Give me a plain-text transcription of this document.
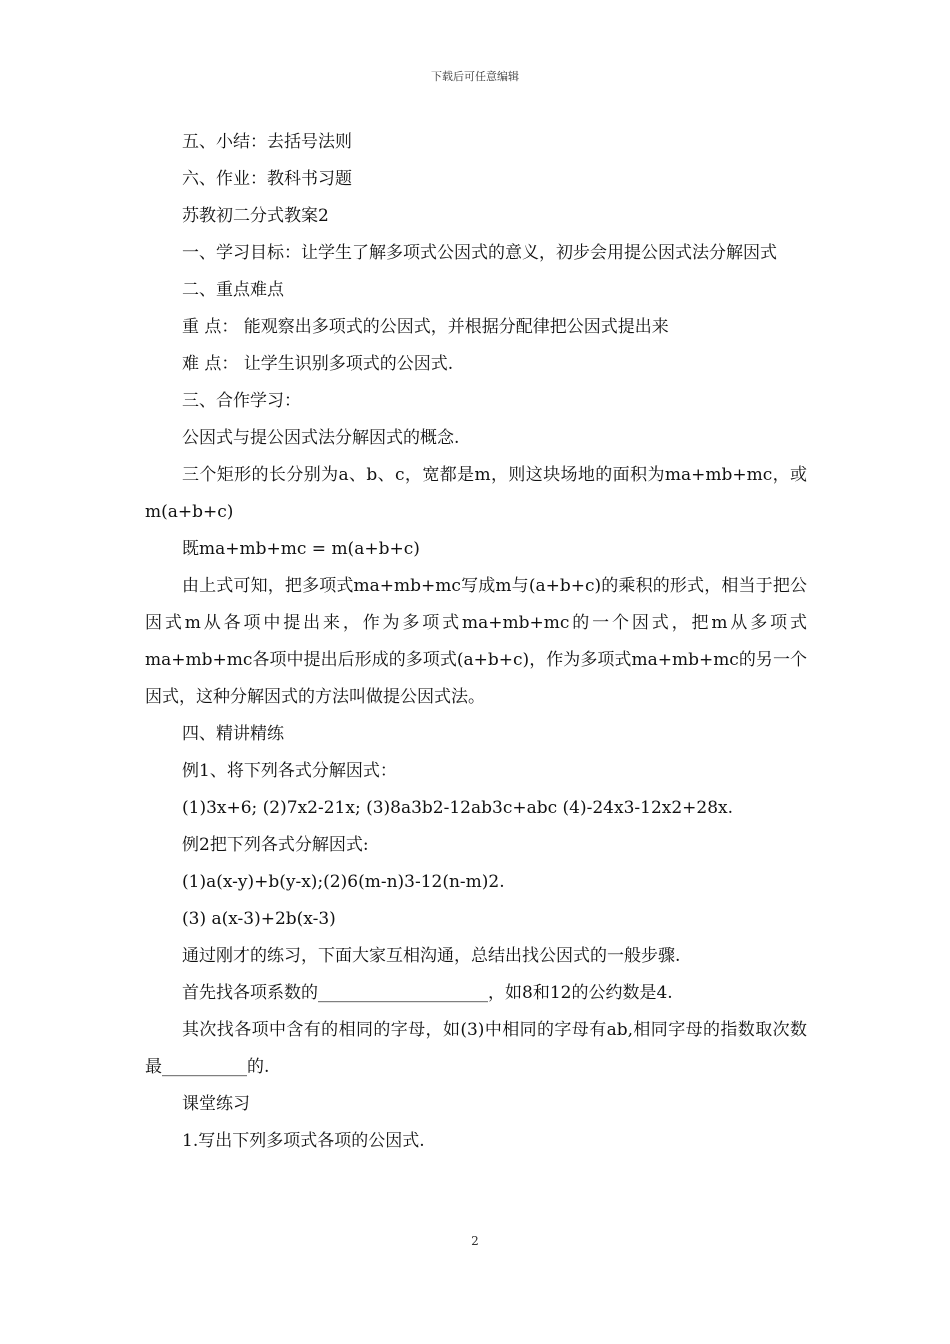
下载后可任意编辑
五、小结：去括号法则
六、作业：教科书习题
苏教初二分式教案2
一、学习目标：让学生了解多项式公因式的意义，初步会用提公因式法分解因式
二、重点难点
重 点： 能观察出多项式的公因式，并根据分配律把公因式提出来
难 点： 让学生识别多项式的公因式.
三、合作学习：
公因式与提公因式法分解因式的概念.
三个矩形的长分别为a、b、c，宽都是m，则这块场地的面积为ma+mb+mc，或m(a+b+c)
既ma+mb+mc = m(a+b+c)
由上式可知，把多项式ma+mb+mc写成m与(a+b+c)的乘积的形式，相当于把公因式m从各项中提出来，作为多项式ma+mb+mc的一个因式，把m从多项式ma+mb+mc各项中提出后形成的多项式(a+b+c)，作为多项式ma+mb+mc的另一个因式，这种分解因式的方法叫做提公因式法。
四、精讲精练
例1、将下列各式分解因式：
(1)3x+6; (2)7x2-21x; (3)8a3b2-12ab3c+abc (4)-24x3-12x2+28x.
例2把下列各式分解因式:
(1)a(x-y)+b(y-x);(2)6(m-n)3-12(n-m)2.
(3) a(x-3)+2b(x-3)
通过刚才的练习，下面大家互相沟通，总结出找公因式的一般步骤.
首先找各项系数的____________________，如8和12的公约数是4.
其次找各项中含有的相同的字母，如(3)中相同的字母有ab,相同字母的指数取次数最__________的.
课堂练习
1.写出下列多项式各项的公因式.
2
